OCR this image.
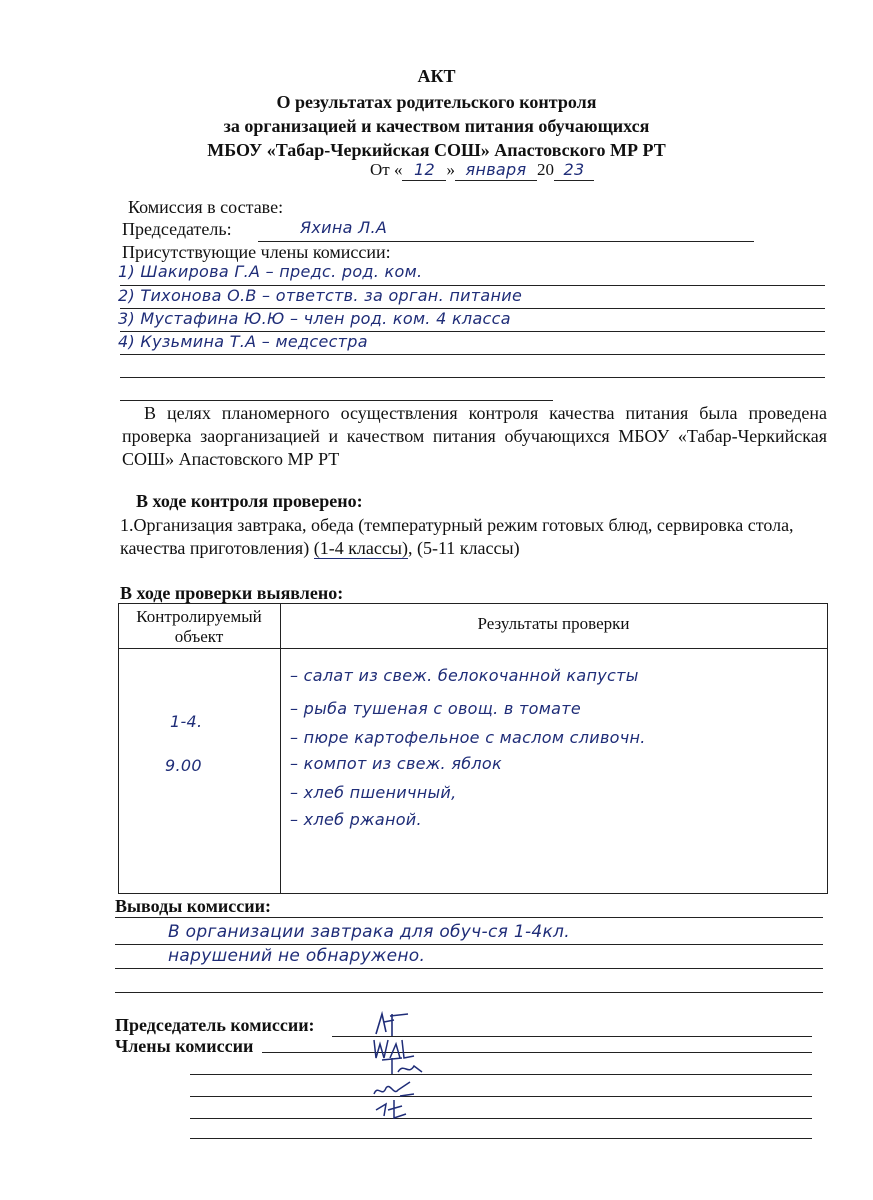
АКТ
О результатах родительского контроля
за организацией и качеством питания обучающихся
МБОУ «Табар-Черкийская СОШ» Апастовского МР РТ
От « 12 » января 20 23
Комиссия в составе:
Председатель:	Яхина Л.А
Присутствующие члены комиссии:
1) Шакирова Г.А – предс. род. ком.
2) Тихонова О.В – ответств. за орган. питание
3) Мустафина Ю.Ю – член род. ком. 4 класса
4) Кузьмина Т.А – медсестра
В целях планомерного осуществления контроля качества питания была проведена проверка заорганизацией и качеством питания обучающихся МБОУ «Табар-Черкийская СОШ» Апастовского МР РТ
В ходе контроля проверено:
1.Организация завтрака, обеда (температурный режим готовых блюд, сервировка стола, качества приготовления) (1-4 классы), (5-11 классы)
В ходе проверки выявлено:
Контролируемый объект
Результаты проверки
1-4.
9.00
– салат из свеж. белокочанной капусты
– рыба тушеная с овощ. в томате
– пюре картофельное с маслом сливочн.
– компот из свеж. яблок
– хлеб пшеничный,
– хлеб ржаной.
Выводы комиссии:
В организации завтрака для обуч-ся 1-4кл.
нарушений не обнаружено.
Председатель комиссии:
Члены комиссии
